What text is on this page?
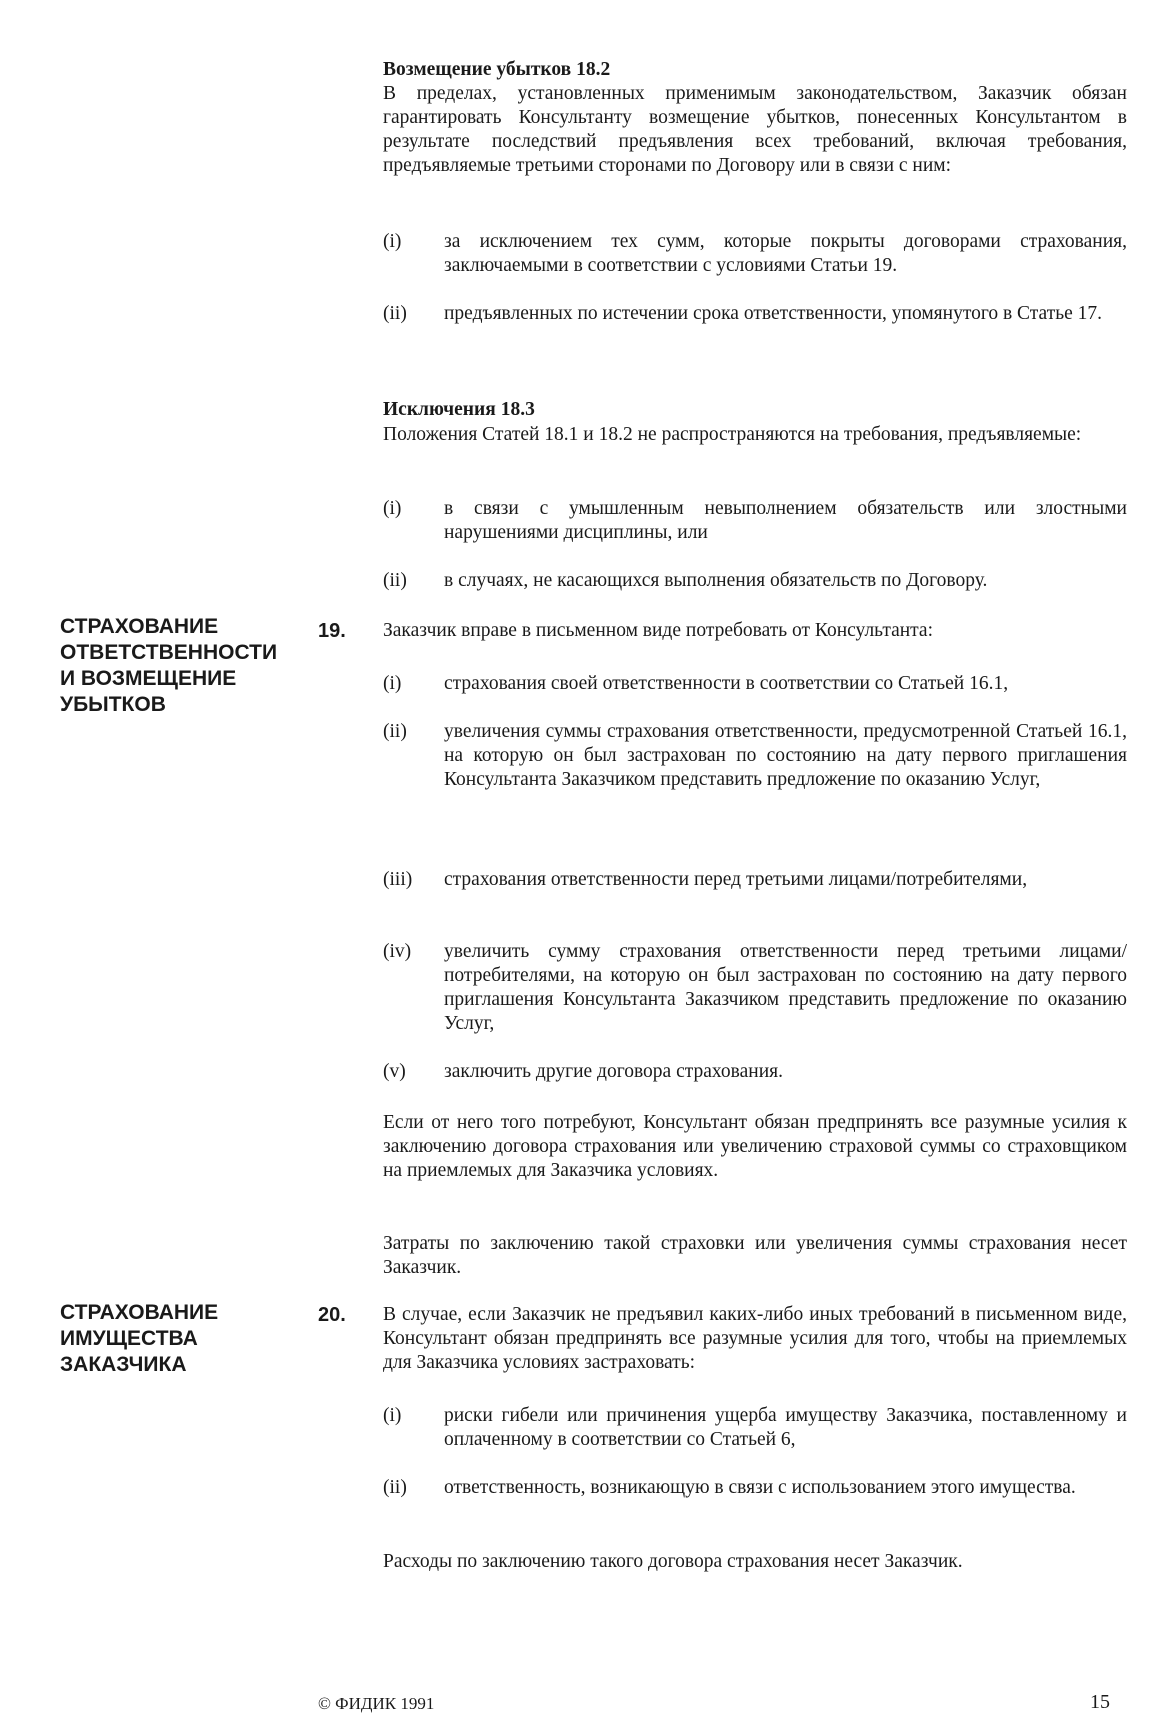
Возмещение убытков 18.2
В пределах, установленных применимым законодательством, Заказчик обязан гарантировать Консультанту возмещение убытков, понесенных Консультантом в результате последствий предъявления всех требований, включая требования, предъявляемые третьими сторонами по Договору или в связи с ним:
(i) за исключением тех сумм, которые покрыты договорами страхования, заключаемыми в соответствии с условиями Статьи 19.
(ii) предъявленных по истечении срока ответственности, упомянутого в Статье 17.
Исключения 18.3
Положения Статей 18.1 и 18.2 не распространяются на требования, предъявляемые:
(i) в связи с умышленным невыполнением обязательств или злостными нарушениями дисциплины, или
(ii) в случаях, не касающихся выполнения обязательств по Договору.
СТРАХОВАНИЕ
ОТВЕТСТВЕННОСТИ
И ВОЗМЕЩЕНИЕ
УБЫТКОВ
19. Заказчик вправе в письменном виде потребовать от Консультанта:
(i) страхования своей ответственности в соответствии со Статьей 16.1,
(ii) увеличения суммы страхования ответственности, предусмотренной Статьей 16.1, на которую он был застрахован по состоянию на дату первого приглашения Консультанта Заказчиком представить предложение по оказанию Услуг,
(iii) страхования ответственности перед третьими лицами/потребителями,
(iv) увеличить сумму страхования ответственности перед третьими лицами/потребителями, на которую он был застрахован по состоянию на дату первого приглашения Консультанта Заказчиком представить предложение по оказанию Услуг,
(v) заключить другие договора страхования.
Если от него того потребуют, Консультант обязан предпринять все разумные усилия к заключению договора страхования или увеличению страховой суммы со страховщиком на приемлемых для Заказчика условиях.
Затраты по заключению такой страховки или увеличения суммы страхования несет Заказчик.
СТРАХОВАНИЕ
ИМУЩЕСТВА
ЗАКАЗЧИКА
20. В случае, если Заказчик не предъявил каких-либо иных требований в письменном виде, Консультант обязан предпринять все разумные усилия для того, чтобы на приемлемых для Заказчика условиях застраховать:
(i) риски гибели или причинения ущерба имуществу Заказчика, поставленному и оплаченному в соответствии со Статьей 6,
(ii) ответственность, возникающую в связи с использованием этого имущества.
Расходы по заключению такого договора страхования несет Заказчик.
© ФИДИК 1991	15
